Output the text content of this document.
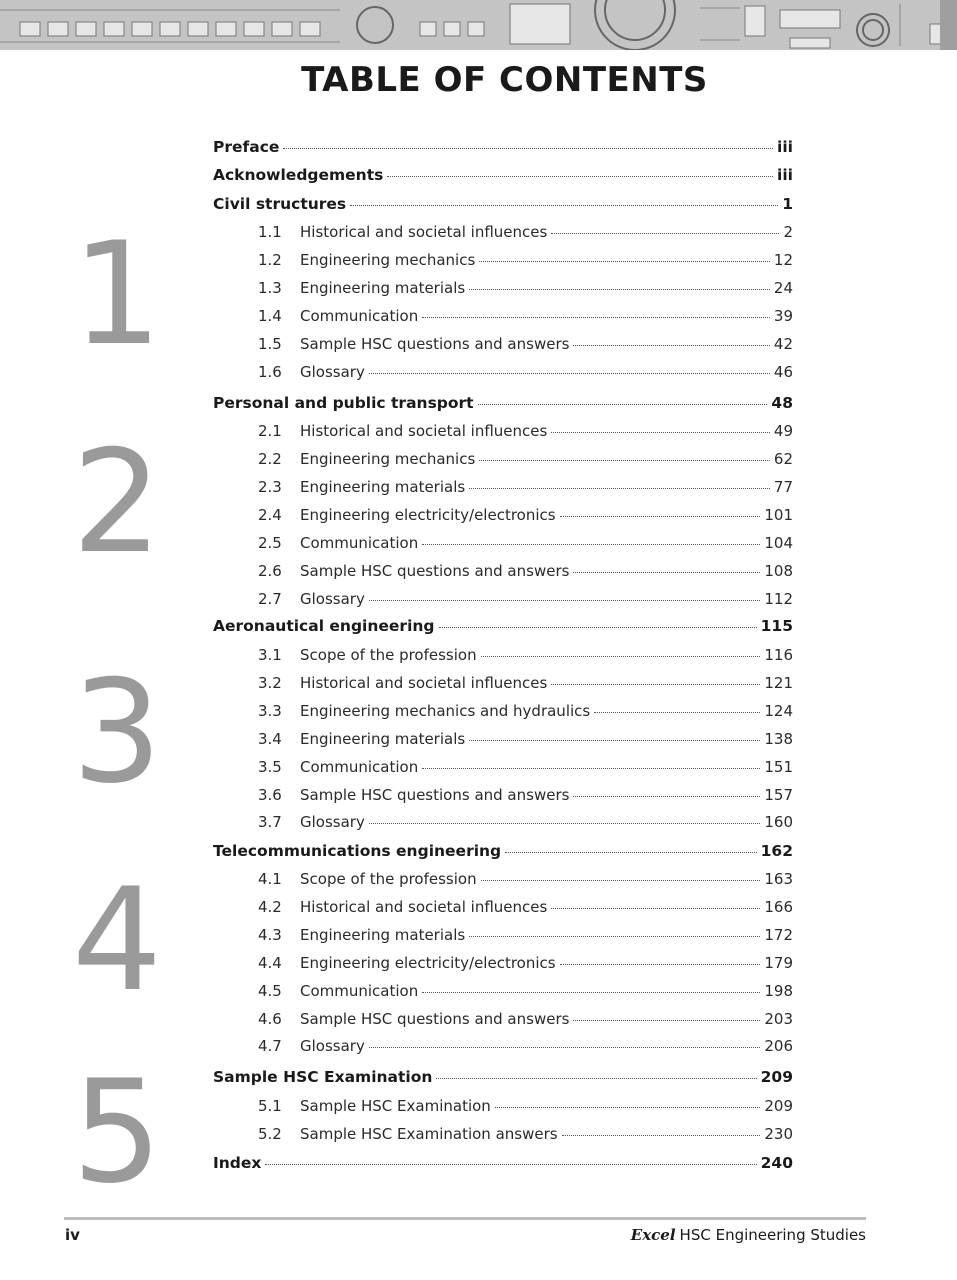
TABLE OF CONTENTS
1
2
3
4
5
Preface	iii
Acknowledgements	iii
Civil structures	1
1.1	Historical and societal influences	2
1.2	Engineering mechanics	12
1.3	Engineering materials	24
1.4	Communication	39
1.5	Sample HSC questions and answers	42
1.6	Glossary	46
Personal and public transport	48
2.1	Historical and societal influences	49
2.2	Engineering mechanics	62
2.3	Engineering materials	77
2.4	Engineering electricity/electronics	101
2.5	Communication	104
2.6	Sample HSC questions and answers	108
2.7	Glossary	112
Aeronautical engineering	115
3.1	Scope of the profession	116
3.2	Historical and societal influences	121
3.3	Engineering mechanics and hydraulics	124
3.4	Engineering materials	138
3.5	Communication	151
3.6	Sample HSC questions and answers	157
3.7	Glossary	160
Telecommunications engineering	162
4.1	Scope of the profession	163
4.2	Historical and societal influences	166
4.3	Engineering materials	172
4.4	Engineering electricity/electronics	179
4.5	Communication	198
4.6	Sample HSC questions and answers	203
4.7	Glossary	206
Sample HSC Examination	209
5.1	Sample HSC Examination	209
5.2	Sample HSC Examination answers	230
Index	240
iv	Excel HSC Engineering Studies
